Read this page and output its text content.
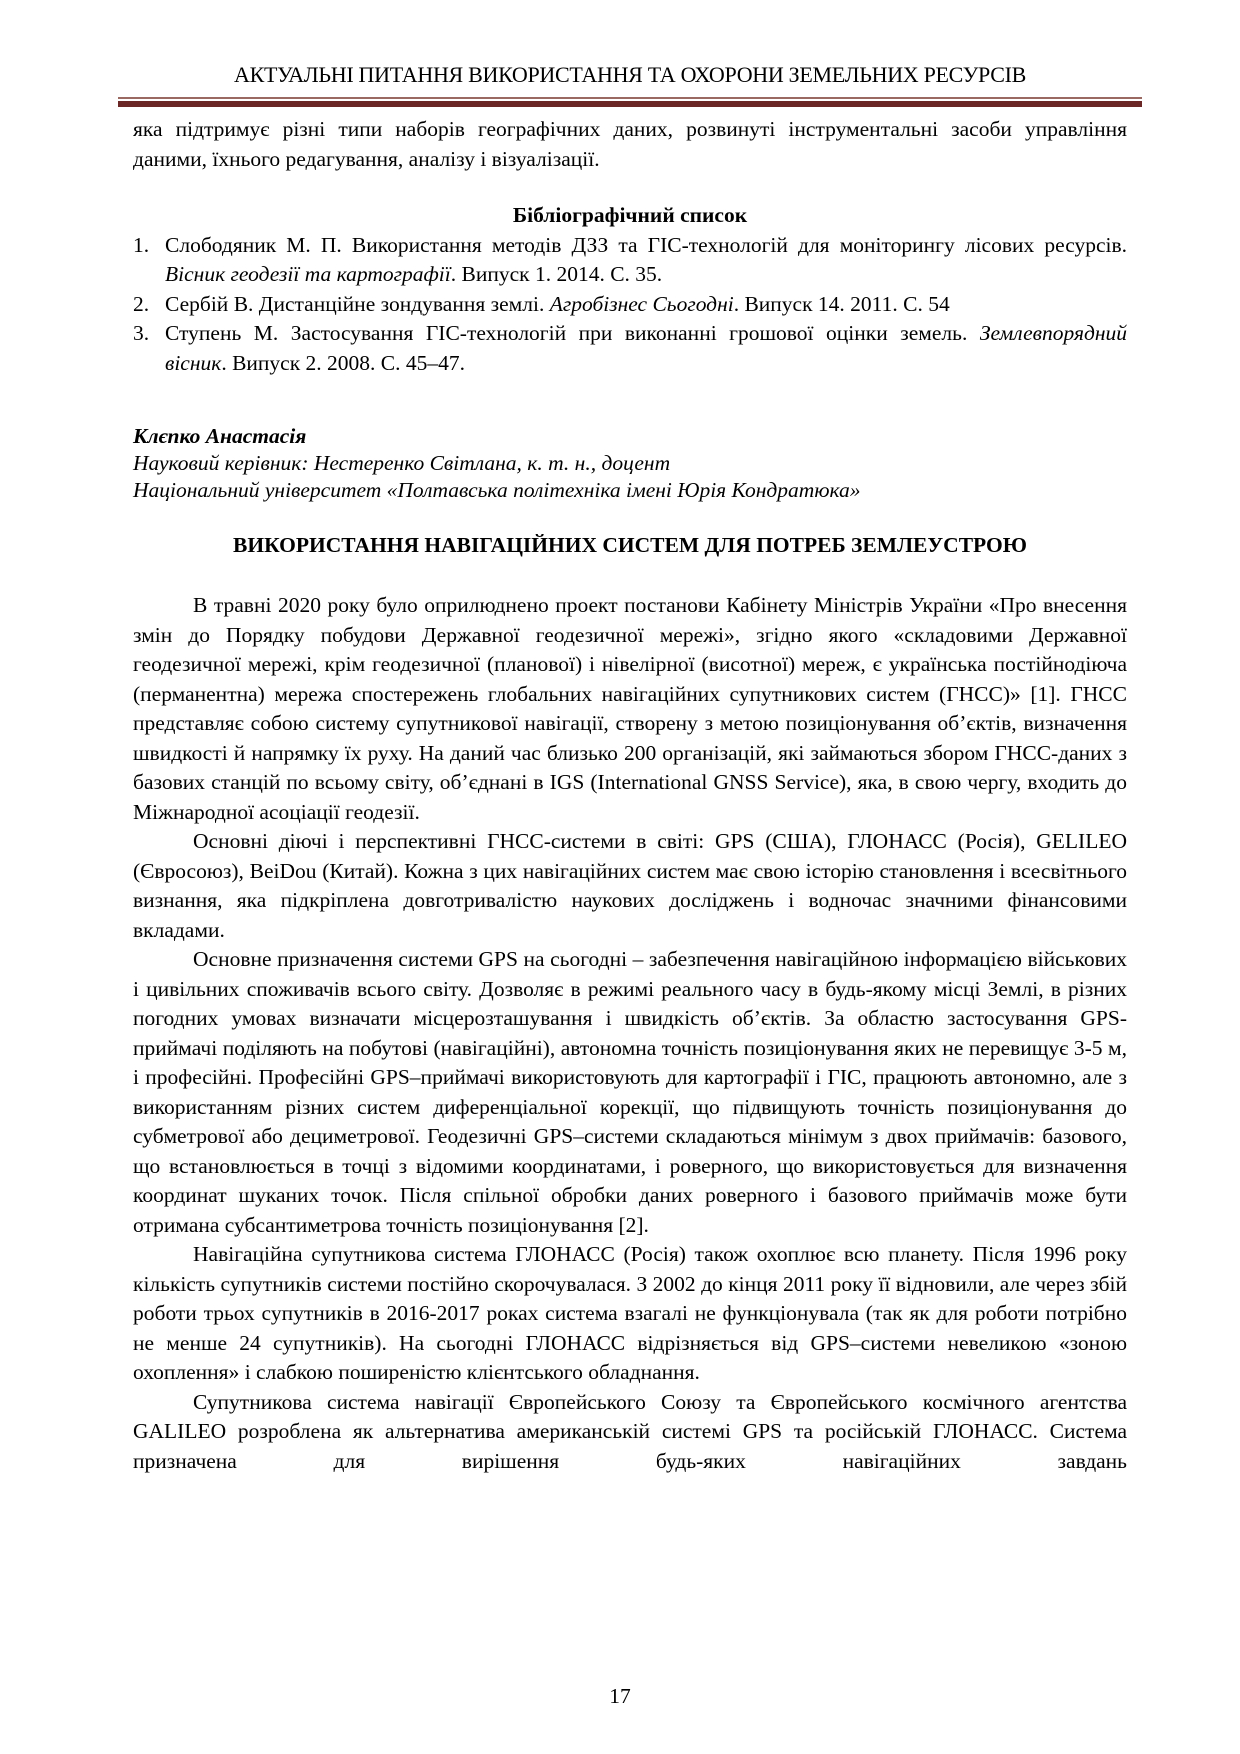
АКТУАЛЬНІ ПИТАННЯ ВИКОРИСТАННЯ ТА ОХОРОНИ ЗЕМЕЛЬНИХ РЕСУРСІВ

яка підтримує різні типи наборів географічних даних, розвинуті інструментальні засоби управління даними, їхнього редагування, аналізу і візуалізації.

Бібліографічний список

1. Слободяник М. П. Використання методів ДЗЗ та ГІС-технологій для моніторингу лісових ресурсів. Вісник геодезії та картографії. Випуск 1. 2014. С. 35.
2. Сербій В. Дистанційне зондування землі. Агробізнес Сьогодні. Випуск 14. 2011. С. 54
3. Ступень М. Застосування ГІС-технологій при виконанні грошової оцінки земель. Землевпорядний вісник. Випуск 2. 2008. С. 45–47.
Клєпко Анастасія
Науковий керівник: Нестеренко Світлана, к. т. н., доцент
Національний університет «Полтавська політехніка імені Юрія Кондратюка»
ВИКОРИСТАННЯ НАВІГАЦІЙНИХ СИСТЕМ ДЛЯ ПОТРЕБ ЗЕМЛЕУСТРОЮ

В травні 2020 року було оприлюднено проект постанови Кабінету Міністрів України «Про внесення змін до Порядку побудови Державної геодезичної мережі», згідно якого «складовими Державної геодезичної мережі, крім геодезичної (планової) і нівелірної (висотної) мереж, є українська постійнодіюча (перманентна) мережа спостережень глобальних навігаційних супутникових систем (ГНСС)» [1]. ГНСС представляє собою систему супутникової навігації, створену з метою позиціонування об’єктів, визначення швидкості й напрямку їх руху. На даний час близько 200 організацій, які займаються збором ГНСС-даних з базових станцій по всьому світу, об’єднані в IGS (International GNSS Service), яка, в свою чергу, входить до Міжнародної асоціації геодезії.

Основні діючі і перспективні ГНСС-системи в світі: GPS (США), ГЛОНАСС (Росія), GELILEO (Євросоюз), BeiDou (Китай). Кожна з цих навігаційних систем має свою історію становлення і всесвітнього визнання, яка підкріплена довготривалістю наукових досліджень і водночас значними фінансовими вкладами.

Основне призначення системи GPS на сьогодні – забезпечення навігаційною інформацією військових і цивільних споживачів всього світу. Дозволяє в режимі реального часу в будь-якому місці Землі, в різних погодних умовах визначати місцерозташування і швидкість об’єктів. За областю застосування GPS-приймачі поділяють на побутові (навігаційні), автономна точність позиціонування яких не перевищує 3-5 м, і професійні. Професійні GPS–приймачі використовують для картографії і ГІС, працюють автономно, але з використанням різних систем диференціальної корекції, що підвищують точність позиціонування до субметрової або дециметрової. Геодезичні GPS–системи складаються мінімум з двох приймачів: базового, що встановлюється в точці з відомими координатами, і роверного, що використовується для визначення координат шуканих точок. Після спільної обробки даних роверного і базового приймачів може бути отримана субсантиметрова точність позиціонування [2].

Навігаційна супутникова система ГЛОНАСС (Росія) також охоплює всю планету. Після 1996 року кількість супутників системи постійно скорочувалася. З 2002 до кінця 2011 року її відновили, але через збій роботи трьох супутників в 2016-2017 роках система взагалі не функціонувала (так як для роботи потрібно не менше 24 супутників). На сьогодні ГЛОНАСС відрізняється від GPS–системи невеликою «зоною охоплення» і слабкою поширеністю клієнтського обладнання.

Супутникова система навігації Європейського Союзу та Європейського космічного агентства GALILEO розроблена як альтернатива американській системі GPS та російській ГЛОНАСС. Система призначена для вирішення будь-яких навігаційних завдань

17
